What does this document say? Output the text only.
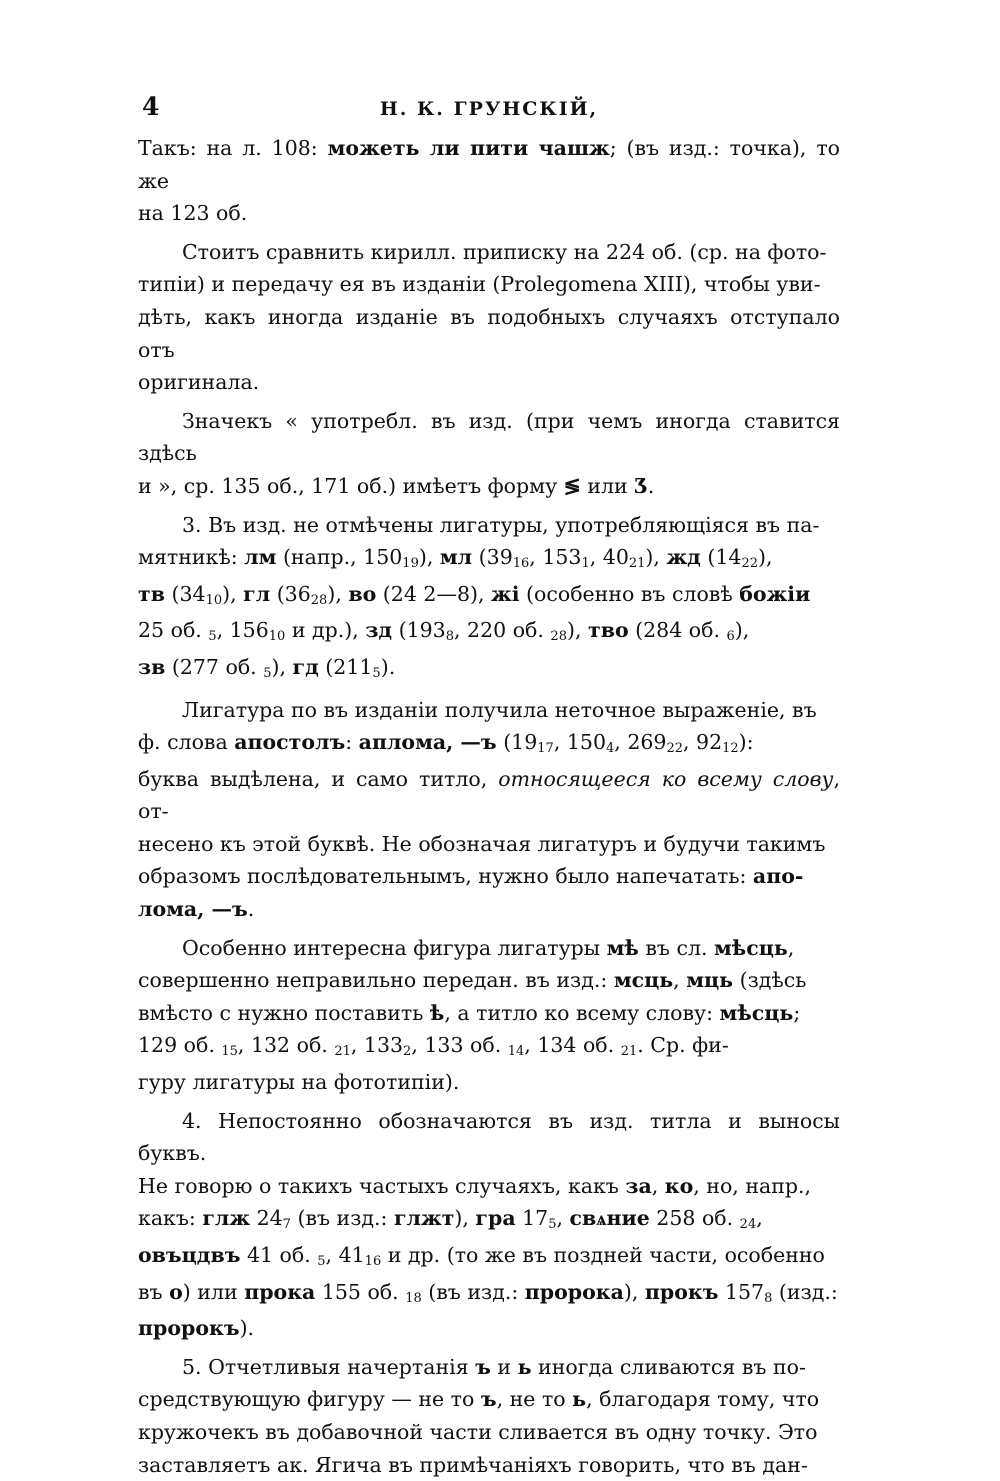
4	Н. К. ГРУНСКІЙ,

Такъ: на л. 108: можеть ли пити чашж; (въ изд.: точка), то же
на 123 об.

Стоитъ сравнить кирилл. приписку на 224 об. (ср. на фото-
типіи) и передачу ея въ изданіи (Prolegomena XIII), чтобы уви-
дѣть, какъ иногда изданіе въ подобныхъ случаяхъ отступало отъ
оригинала.

Значекъ « употребл. въ изд. (при чемъ иногда ставится здѣсь
и », ср. 135 об., 171 об.) имѣетъ форму ≶ или Ʒ.

3. Въ изд. не отмѣчены лигатуры, употребляющіяся въ па-
мятникѣ: лм (напр., $150_{19}$), мл ($39_{16}$, $153_1$, $40_{21}$), жд $(14_{22})$,
тв $(34_{10})$, гл $(36_{28})$, во (24 2—8), жі (особенно въ словѣ божіи
25 об. $_5$, $156_{10}$ и др.), зд ($193_8$, 220 об. $_{28}$), тво (284 об. $_6$),
зв (277 об. $_5$), гд $(211_5)$.

Лигатура по въ изданіи получила неточное выраженіе, въ
ф. слова апостолъ: аплома, —ъ ($19_{17}$, $150_4$, $269_{22}$, $92_{12}$):
буква выдѣлена, и само титло, относящееся ко всему слову, от-
несено къ этой буквѣ. Не обозначая лигатуръ и будучи такимъ
образомъ послѣдовательнымъ, нужно было напечатать: апо-
лома, —ъ.

Особенно интересна фигура лигатуры мѣ въ сл. мѣсць,
совершенно неправильно передан. въ изд.: мсць, мць (здѣсь
вмѣсто с нужно поставить ѣ, а титло ко всему слову: мѣсць;
129 об. $_{15}$, 132 об. $_{21}$, $133_2$, 133 об. $_{14}$, 134 об. $_{21}$. Ср. фи-
гуру лигатуры на фототипіи).

4. Непостоянно обозначаются въ изд. титла и выносы буквъ.
Не говорю о такихъ частыхъ случаяхъ, какъ за, ко, но, напр.,
какъ: глж $24_7$ (въ изд.: глжт), гра $17_5$, свѧние 258 об. $_{24}$,
овъцдвъ 41 об. $_5$, $41_{16}$ и др. (то же въ поздней части, особенно
въ о) или прока 155 об. $_{18}$ (въ изд.: пророка), прокъ $157_8$ (изд.:
пророкъ).

5. Отчетливыя начертанія ъ и ь иногда сливаются въ по-
средствующую фигуру — не то ъ, не то ь, благодаря тому, что
кружочекъ въ добавочной части сливается въ одну точку. Это
заставляетъ ак. Ягича въ примѣчаніяхъ говорить, что въ дан-
